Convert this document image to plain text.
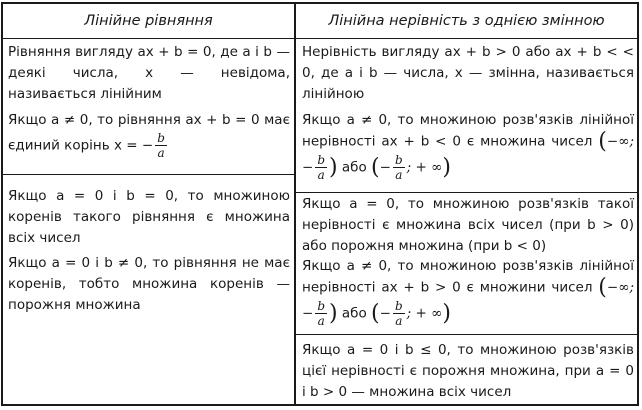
Лінійне рівняння	Лінійна нерівність з однією змінною
Рівняння вигляду ax + b = 0, де a і b — деякі числа, x — невідома, називається лінійним
Якщо a ≠ 0, то рівняння ax + b = 0 має єдиний корінь x = − $\frac{b}{a}$
Якщо a = 0 і b = 0, то множиною коренів такого рівняння є множина всіх чисел
Якщо a = 0 і b ≠ 0, то рівняння не має коренів, тобто множина коренів — порожня множина
Нерівність вигляду ax + b > 0 або ax + b < < 0, де a і b — числа, x — змінна, називається лінійною
Якщо a ≠ 0, то множиною розв'язків лінійної нерівності ax + b < 0 є множина чисел (−∞; − $\frac{b}{a}$ ) або (− $\frac{b}{a}$ ; + ∞)
Якщо a = 0, то множиною розв'язків такої нерівності є множина всіх чисел (при b > 0) або порожня множина (при b < 0)
Якщо a ≠ 0, то множиною розв'язків лінійної нерівності ax + b > 0 є множини чисел (−∞; − $\frac{b}{a}$ ) або (− $\frac{b}{a}$ ; + ∞)
Якщо a = 0 і b ≤ 0, то множиною розв'язків цієї нерівності є порожня множина, при a = 0 і b > 0 — множина всіх чисел
